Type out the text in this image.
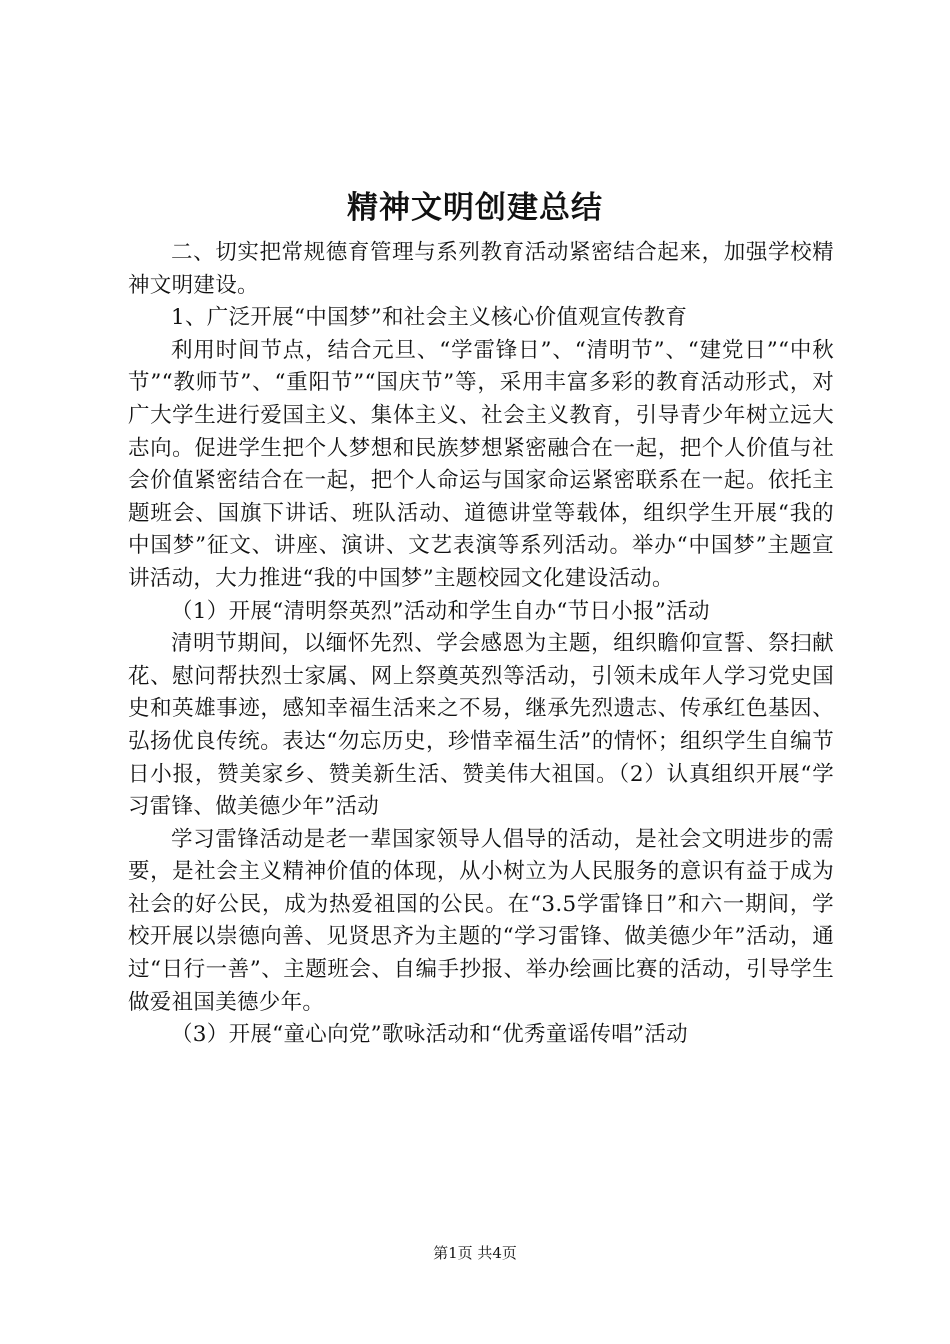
精神文明创建总结

二、切实把常规德育管理与系列教育活动紧密结合起来，加强学校精神文明建设。

1、广泛开展“中国梦”和社会主义核心价值观宣传教育

利用时间节点，结合元旦、“学雷锋日”、“清明节”、“建党日”“中秋节”“教师节”、“重阳节”“国庆节”等，采用丰富多彩的教育活动形式，对广大学生进行爱国主义、集体主义、社会主义教育，引导青少年树立远大志向。促进学生把个人梦想和民族梦想紧密融合在一起，把个人价值与社会价值紧密结合在一起，把个人命运与国家命运紧密联系在一起。依托主题班会、国旗下讲话、班队活动、道德讲堂等载体，组织学生开展“我的中国梦”征文、讲座、演讲、文艺表演等系列活动。举办“中国梦”主题宣讲活动，大力推进“我的中国梦”主题校园文化建设活动。

（1）开展“清明祭英烈”活动和学生自办“节日小报”活动

清明节期间，以缅怀先烈、学会感恩为主题，组织瞻仰宣誓、祭扫献花、慰问帮扶烈士家属、网上祭奠英烈等活动，引领未成年人学习党史国史和英雄事迹，感知幸福生活来之不易，继承先烈遗志、传承红色基因、弘扬优良传统。表达“勿忘历史，珍惜幸福生活”的情怀；组织学生自编节日小报，赞美家乡、赞美新生活、赞美伟大祖国。（2）认真组织开展“学习雷锋、做美德少年”活动

学习雷锋活动是老一辈国家领导人倡导的活动，是社会文明进步的需要，是社会主义精神价值的体现，从小树立为人民服务的意识有益于成为社会的好公民，成为热爱祖国的公民。在“3.5学雷锋日”和六一期间，学校开展以崇德向善、见贤思齐为主题的“学习雷锋、做美德少年”活动，通过“日行一善”、主题班会、自编手抄报、举办绘画比赛的活动，引导学生做爱祖国美德少年。

（3）开展“童心向党”歌咏活动和“优秀童谣传唱”活动

第1页 共4页
